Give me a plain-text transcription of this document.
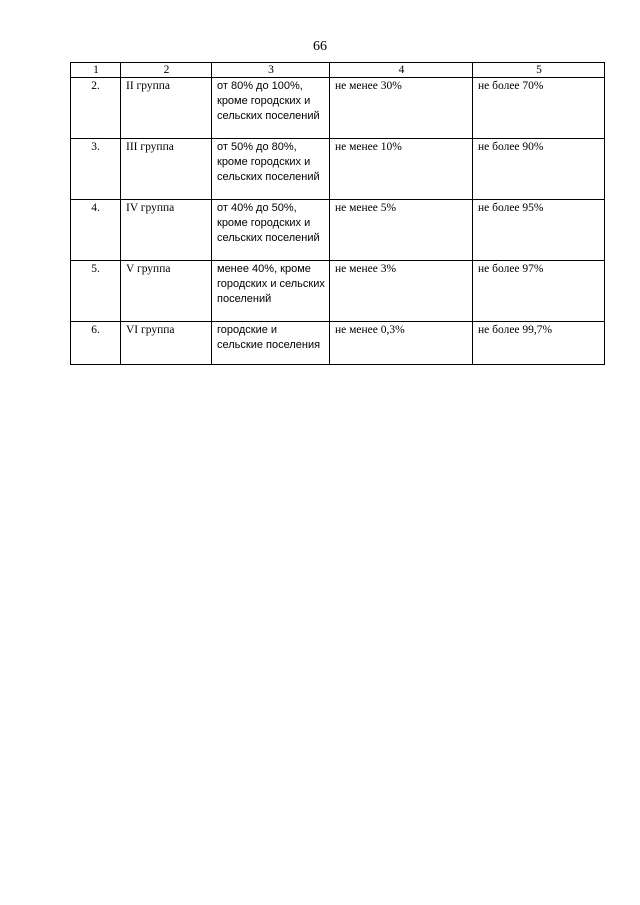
66
1	2	3	4	5
2.	II группа	от 80% до 100%, кроме городских и сельских поселений	не менее 30%	не более 70%
3.	III группа	от 50% до 80%, кроме городских и сельских поселений	не менее 10%	не более 90%
4.	IV группа	от 40% до 50%, кроме городских и сельских поселений	не менее 5%	не более 95%
5.	V группа	менее 40%, кроме городских и сельских поселений	не менее 3%	не более 97%
6.	VI группа	городские и сельские поселения	не менее 0,3%	не более 99,7%
